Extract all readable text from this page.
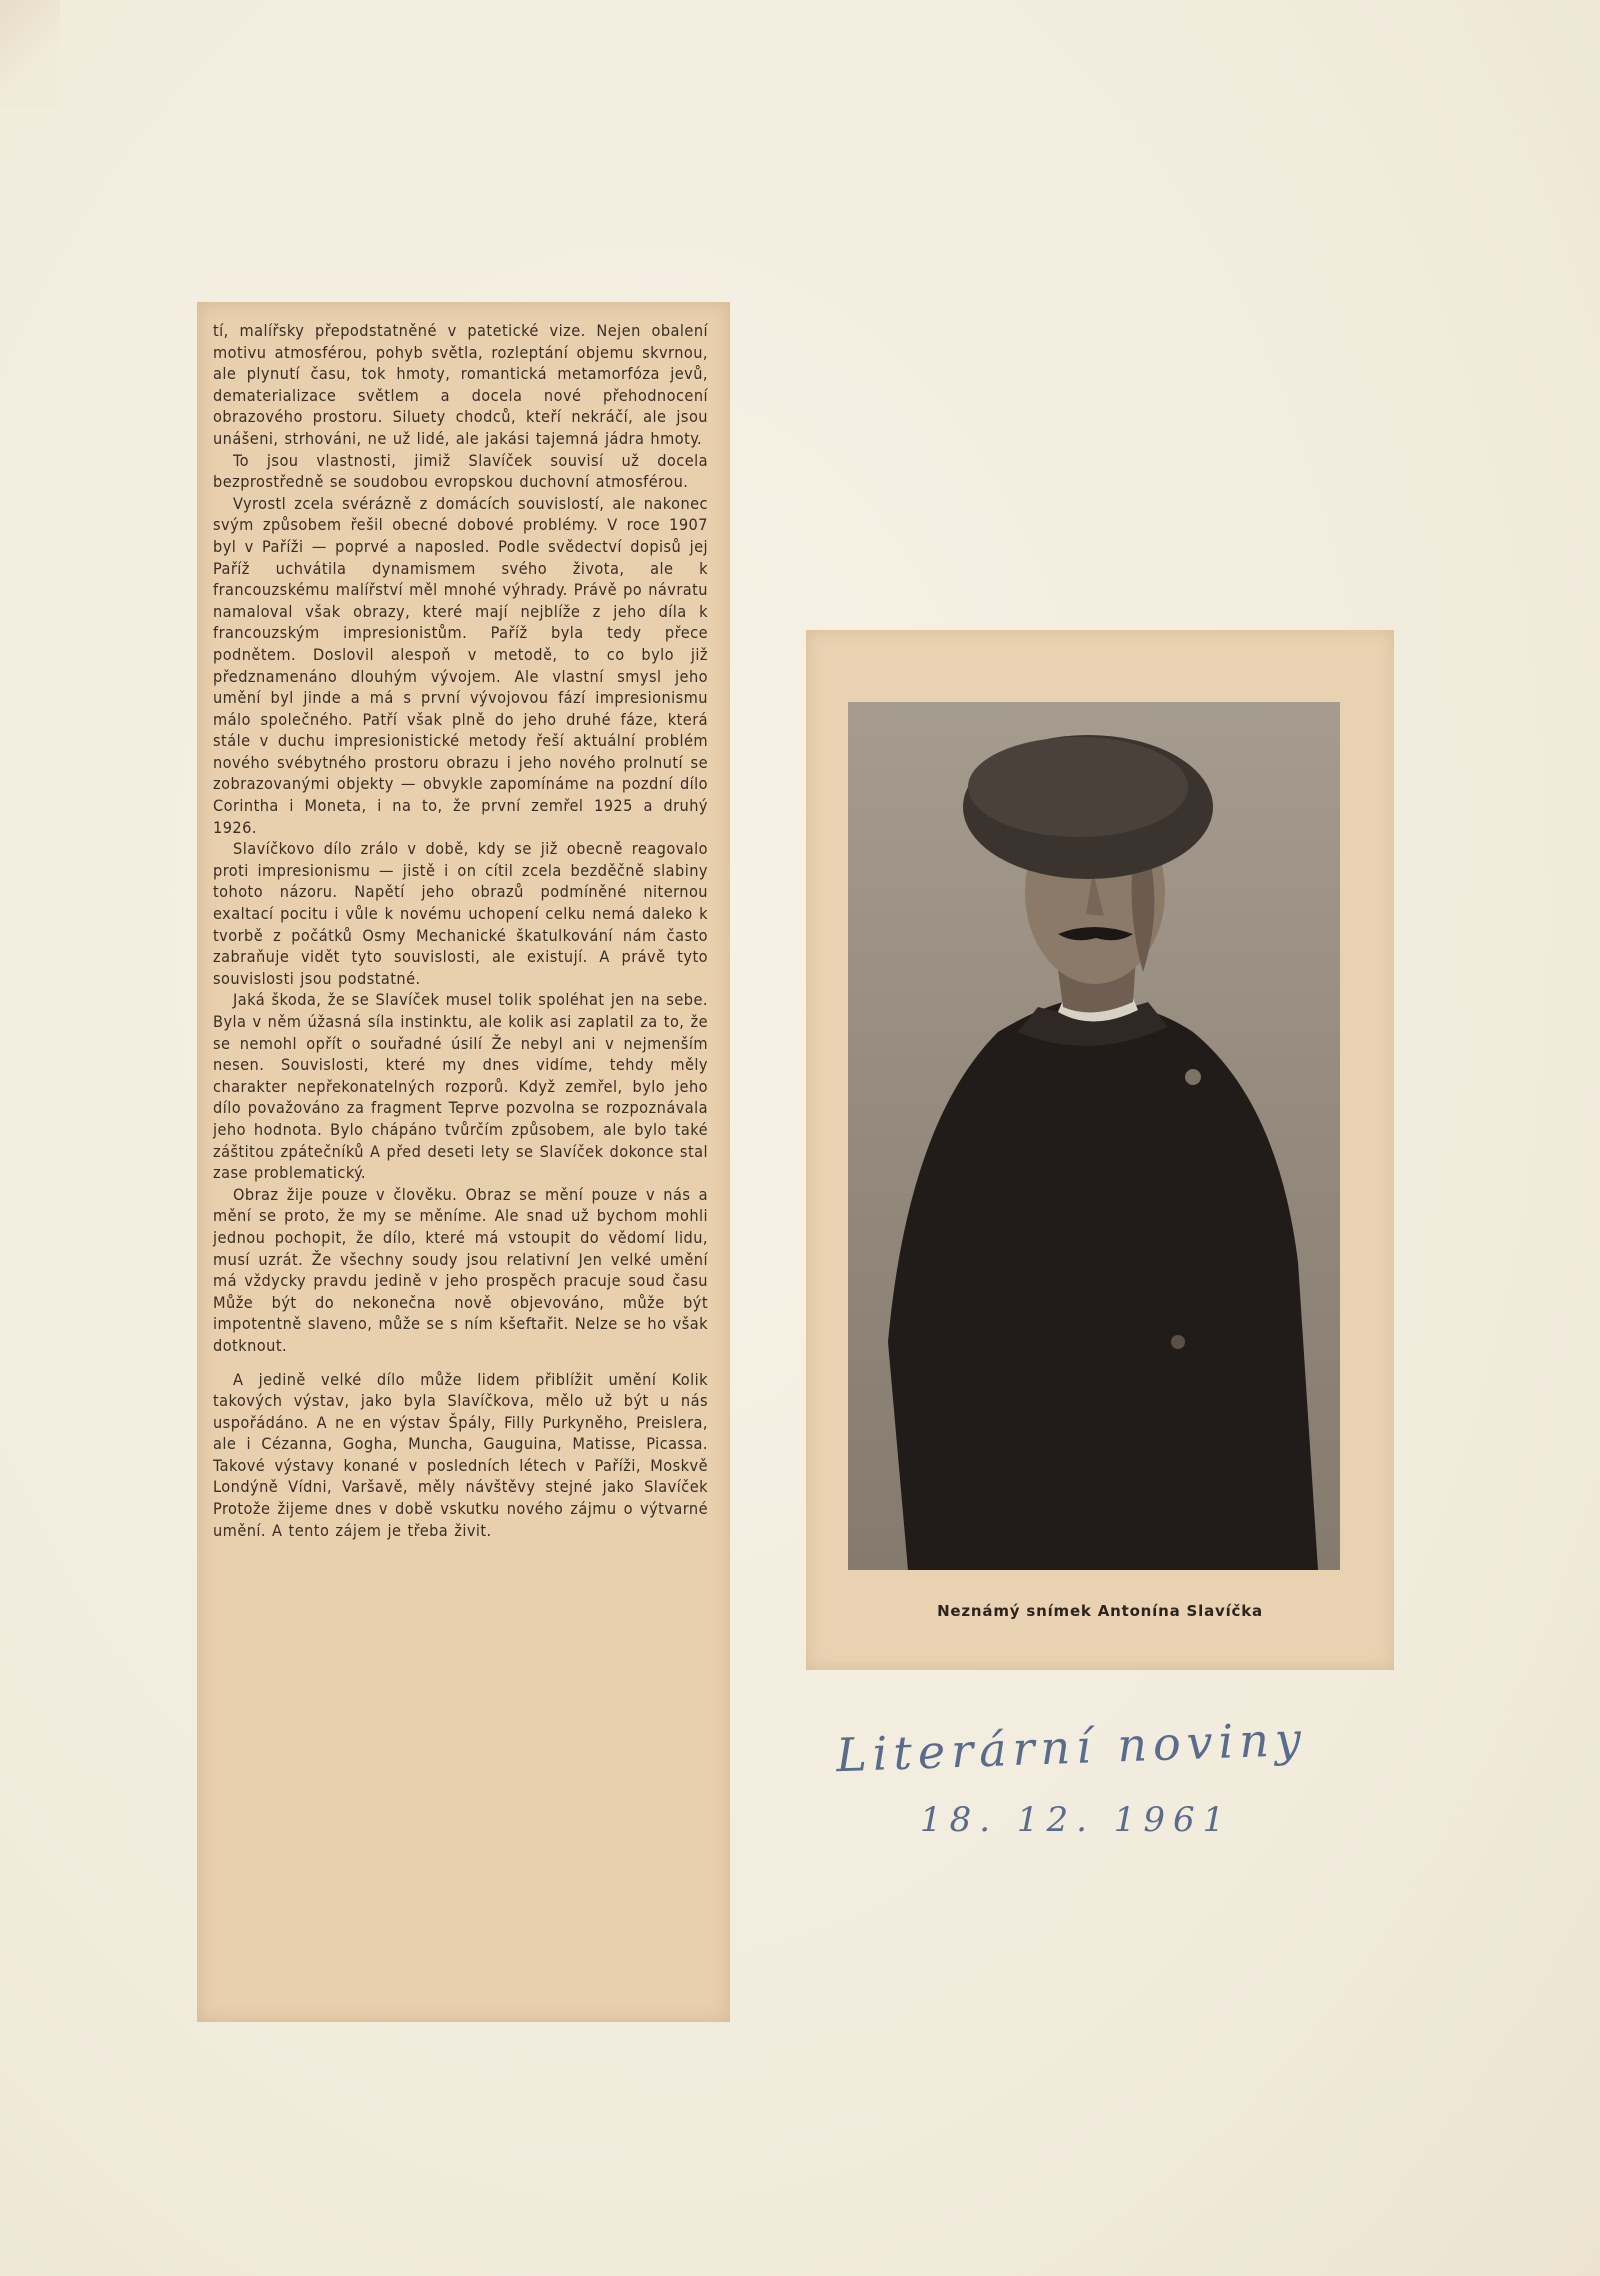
tí, malířsky přepodstatněné v patetické vize. Nejen obalení motivu atmosférou, pohyb světla, rozleptání objemu skvrnou, ale plynutí času, tok hmoty, romantická metamorfóza jevů, dematerializace světlem a docela nové přehodnocení obrazového prostoru. Siluety chodců, kteří nekráčí, ale jsou unášeni, strhováni, ne už lidé, ale jakási tajemná jádra hmoty.

To jsou vlastnosti, jimiž Slavíček souvisí už docela bezprostředně se soudobou evropskou duchovní atmosférou.

Vyrostl zcela svérázně z domácích souvislostí, ale nakonec svým způsobem řešil obecné dobové problémy. V roce 1907 byl v Paříži — poprvé a naposled. Podle svědectví dopisů jej Paříž uchvátila dynamismem svého života, ale k francouzskému malířství měl mnohé výhrady. Právě po návratu namaloval však obrazy, které mají nejblíže z jeho díla k francouzským impresionistům. Paříž byla tedy přece podnětem. Doslovil alespoň v metodě, to co bylo již předznamenáno dlouhým vývojem. Ale vlastní smysl jeho umění byl jinde a má s první vývojovou fází impresionismu málo společného. Patří však plně do jeho druhé fáze, která stále v duchu impresionistické metody řeší aktuální problém nového svébytného prostoru obrazu i jeho nového prolnutí se zobrazovanými objekty — obvykle zapomínáme na pozdní dílo Corintha i Moneta, i na to, že první zemřel 1925 a druhý 1926.

Slavíčkovo dílo zrálo v době, kdy se již obecně reagovalo proti impresionismu — jistě i on cítil zcela bezděčně slabiny tohoto názoru. Napětí jeho obrazů podmíněné niternou exaltací pocitu i vůle k novému uchopení celku nemá daleko k tvorbě z počátků Osmy Mechanické škatulkování nám často zabraňuje vidět tyto souvislosti, ale existují. A právě tyto souvislosti jsou podstatné.

Jaká škoda, že se Slavíček musel tolik spoléhat jen na sebe. Byla v něm úžasná síla instinktu, ale kolik asi zaplatil za to, že se nemohl opřít o souřadné úsilí Že nebyl ani v nejmenším nesen. Souvislosti, které my dnes vidíme, tehdy měly charakter nepřekonatelných rozporů. Když zemřel, bylo jeho dílo považováno za fragment Teprve pozvolna se rozpoznávala jeho hodnota. Bylo chápáno tvůrčím způsobem, ale bylo také záštitou zpátečníků A před deseti lety se Slavíček dokonce stal zase problematický.

Obraz žije pouze v člověku. Obraz se mění pouze v nás a mění se proto, že my se měníme. Ale snad už bychom mohli jednou pochopit, že dílo, které má vstoupit do vědomí lidu, musí uzrát. Že všechny soudy jsou relativní Jen velké umění má vždycky pravdu jedině v jeho prospěch pracuje soud času Může být do nekonečna nově objevováno, může být impotentně slaveno, může se s ním kšeftařit. Nelze se ho však dotknout.

A jedině velké dílo může lidem přiblížit umění Kolik takových výstav, jako byla Slavíčkova, mělo už být u nás uspořádáno. A ne en výstav Špály, Filly Purkyněho, Preislera, ale i Cézanna, Gogha, Muncha, Gauguina, Matisse, Picassa. Takové výstavy konané v posledních létech v Paříži, Moskvě Londýně Vídni, Varšavě, měly návštěvy stejné jako Slavíček Protože žijeme dnes v době vskutku nového zájmu o výtvarné umění. A tento zájem je třeba živit.

Neznámý snímek Antonína Slavíčka
Literární noviny
18. 12. 1961
